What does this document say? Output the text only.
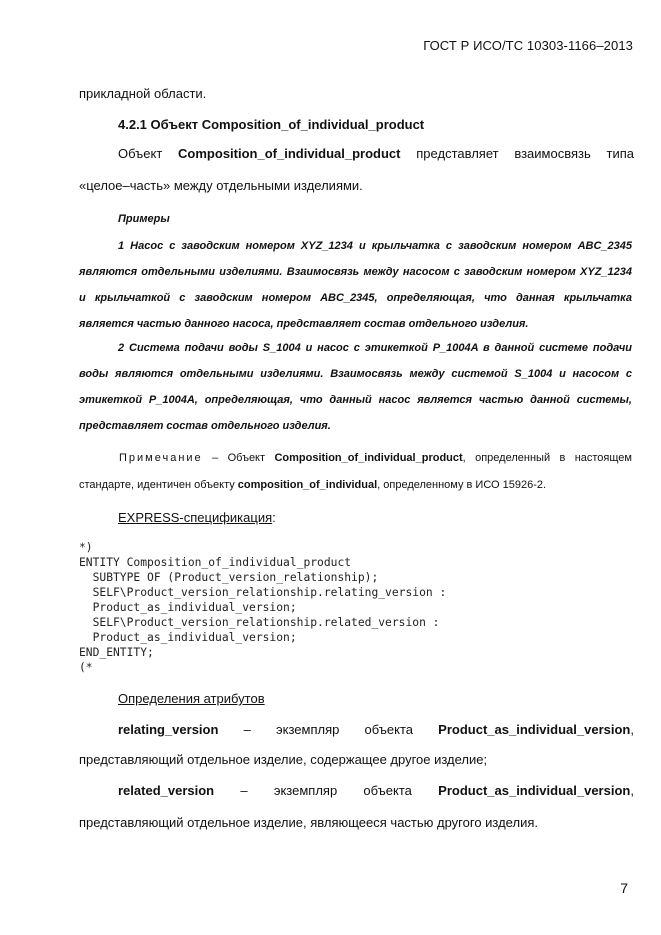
ГОСТ Р ИСО/ТС 10303-1166–2013
прикладной области.
4.2.1 Объект Composition_of_individual_product
Объект Composition_of_individual_product представляет взаимосвязь типа
«целое–часть» между отдельными изделиями.
Примеры
1 Насос с заводским номером XYZ_1234 и крыльчатка с заводским номером ABC_2345
являются отдельными изделиями. Взаимосвязь между насосом с заводским номером XYZ_1234
и крыльчаткой с заводским номером ABC_2345, определяющая, что данная крыльчатка
является частью данного насоса, представляет состав отдельного изделия.
2 Система подачи воды S_1004 и насос с этикеткой P_1004A в данной системе подачи
воды являются отдельными изделиями. Взаимосвязь между системой S_1004 и насосом с
этикеткой P_1004A, определяющая, что данный насос является частью данной системы,
представляет состав отдельного изделия.
Примечание – Объект Composition_of_individual_product, определенный в настоящем
стандарте, идентичен объекту composition_of_individual, определенному в ИСО 15926-2.
EXPRESS-спецификация:
*)
ENTITY Composition_of_individual_product
SUBTYPE OF (Product_version_relationship);
SELF\Product_version_relationship.relating_version :
Product_as_individual_version;
SELF\Product_version_relationship.related_version :
Product_as_individual_version;
END_ENTITY;
(*
Определения атрибутов
relating_version – экземпляр объекта Product_as_individual_version,
представляющий отдельное изделие, содержащее другое изделие;
related_version – экземпляр объекта Product_as_individual_version,
представляющий отдельное изделие, являющееся частью другого изделия.
7
